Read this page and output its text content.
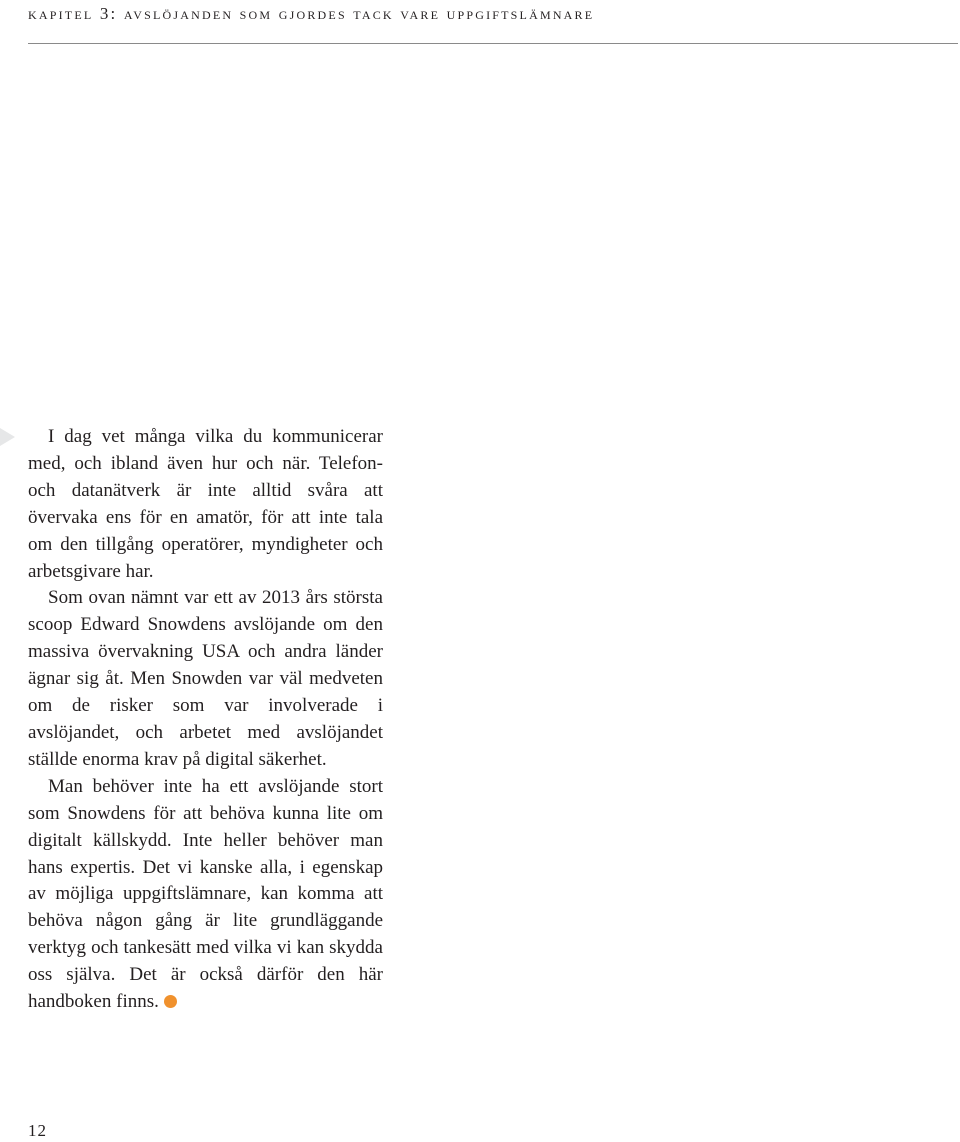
kapitel 3: avslöjanden som gjordes tack vare uppgiftslämnare

I dag vet många vilka du kommunicerar med, och ibland även hur och när. Telefon- och datanätverk är inte alltid svåra att övervaka ens för en amatör, för att inte tala om den tillgång operatörer, myndigheter och arbetsgivare har.

Som ovan nämnt var ett av 2013 års största scoop Edward Snowdens avslöjande om den massiva övervakning USA och andra länder ägnar sig åt. Men Snowden var väl medveten om de risker som var involverade i avslöjandet, och arbetet med avslöjandet ställde enorma krav på digital säkerhet.

Man behöver inte ha ett avslöjande stort som Snowdens för att behöva kunna lite om digitalt källskydd. Inte heller behöver man hans expertis. Det vi kanske alla, i egenskap av möjliga uppgiftslämnare, kan komma att behöva någon gång är lite grundläggande verktyg och tankesätt med vilka vi kan skydda oss själva. Det är också därför den här handboken finns.

12
